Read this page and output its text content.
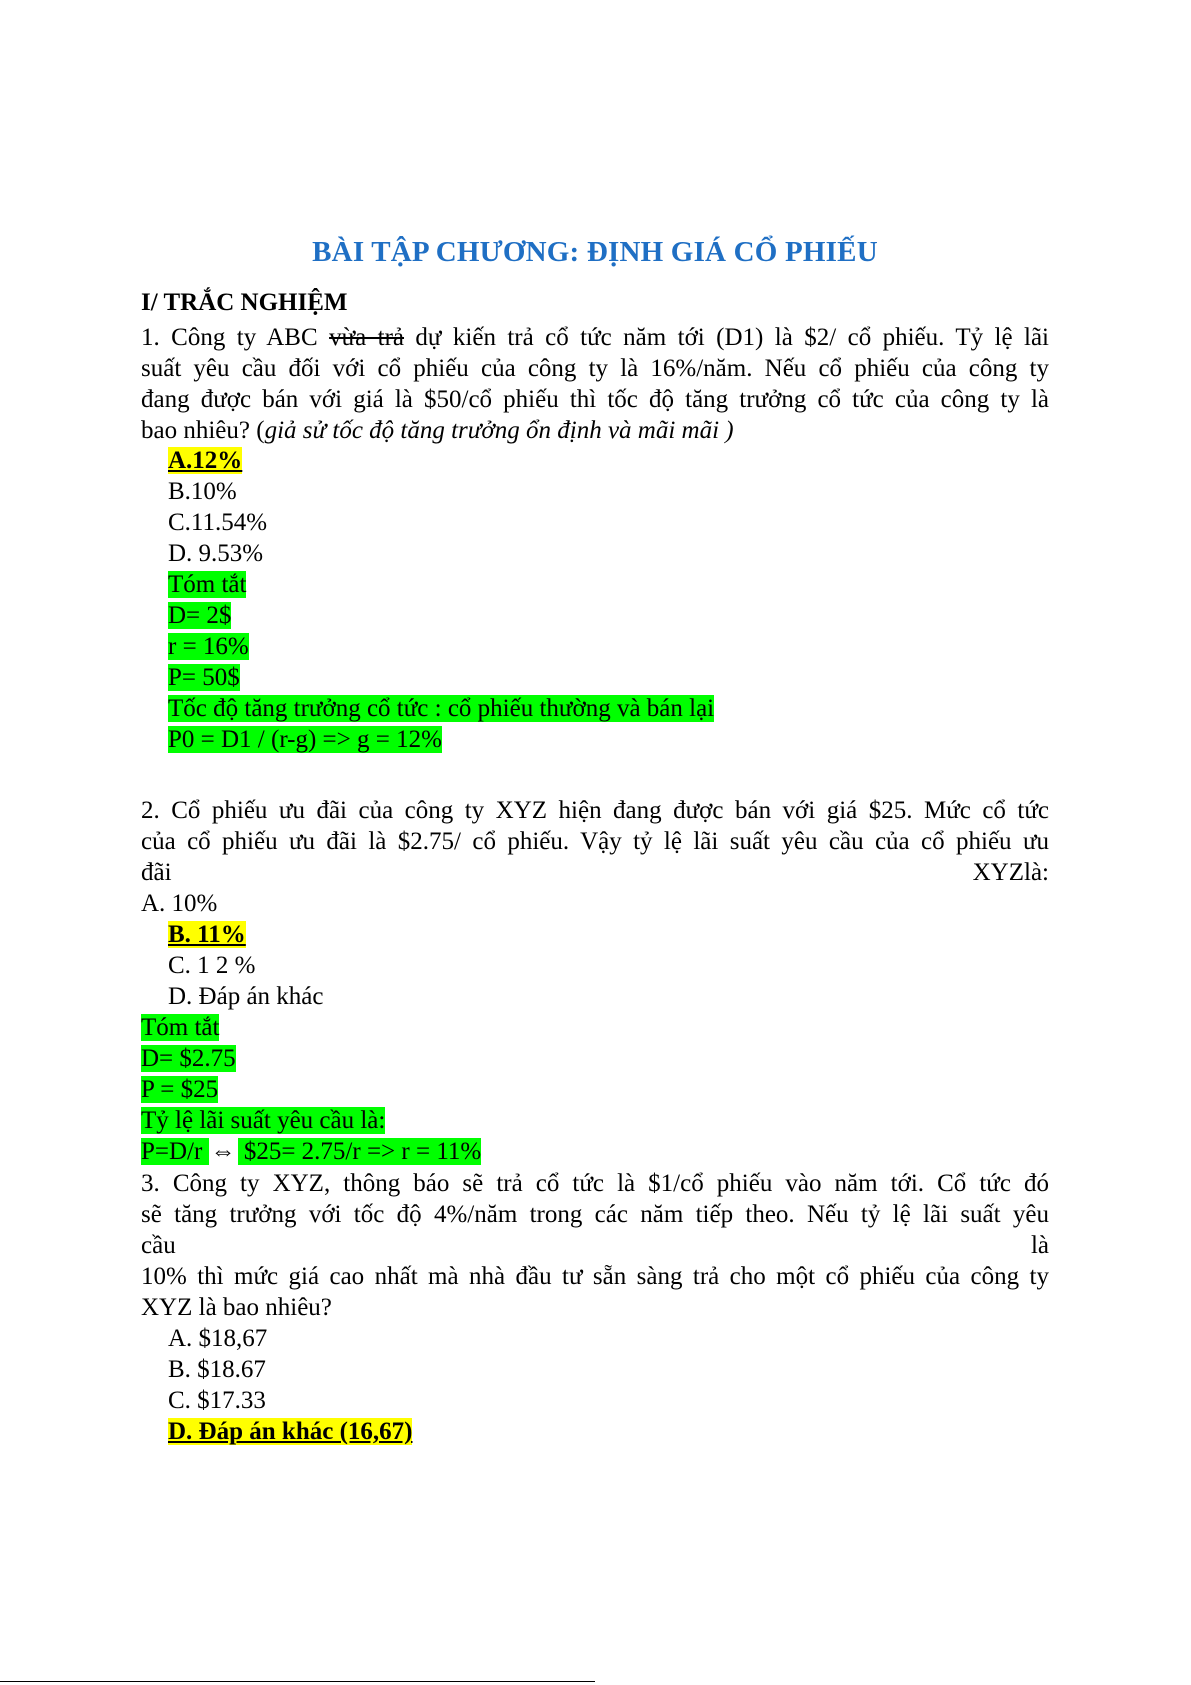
BÀI TẬP CHƯƠNG: ĐỊNH GIÁ CỔ PHIẾU
I/ TRẮC NGHIỆM
1. Công ty ABC vừa trả dự kiến trả cổ tức năm tới (D1) là $2/ cổ phiếu. Tỷ lệ lãi
suất yêu cầu đối với cổ phiếu của công ty là 16%/năm. Nếu cổ phiếu của công ty
đang được bán với giá là $50/cổ phiếu thì tốc độ tăng trưởng cổ tức của công ty là
bao nhiêu? (giả sử tốc độ tăng trưởng ổn định và mãi mãi )
A.12%
B.10%
C.11.54%
D. 9.53%
Tóm tắt
D= 2$
r = 16%
P= 50$
Tốc độ tăng trưởng cổ tức : cổ phiếu thường và bán lại
P0 = D1 / (r-g) => g = 12%
2. Cổ phiếu ưu đãi của công ty XYZ hiện đang được bán với giá $25. Mức cổ tức
của cổ phiếu ưu đãi là $2.75/ cổ phiếu. Vậy tỷ lệ lãi suất yêu cầu của cổ phiếu ưu
đãi XYZlà:
A. 10%
B. 11%
C. 1 2 %
D. Đáp án khác
Tóm tắt
D= $2.75
P = $25
Tỷ lệ lãi suất yêu cầu là:
P=D/r ⇔ $25= 2.75/r => r = 11%
3. Công ty XYZ, thông báo sẽ trả cổ tức là $1/cổ phiếu vào năm tới. Cổ tức đó
sẽ tăng trưởng với tốc độ 4%/năm trong các năm tiếp theo. Nếu tỷ lệ lãi suất yêu
cầu là
10% thì mức giá cao nhất mà nhà đầu tư sẵn sàng trả cho một cổ phiếu của công ty
XYZ là bao nhiêu?
A. $18,67
B. $18.67
C. $17.33
D. Đáp án khác (16,67)
